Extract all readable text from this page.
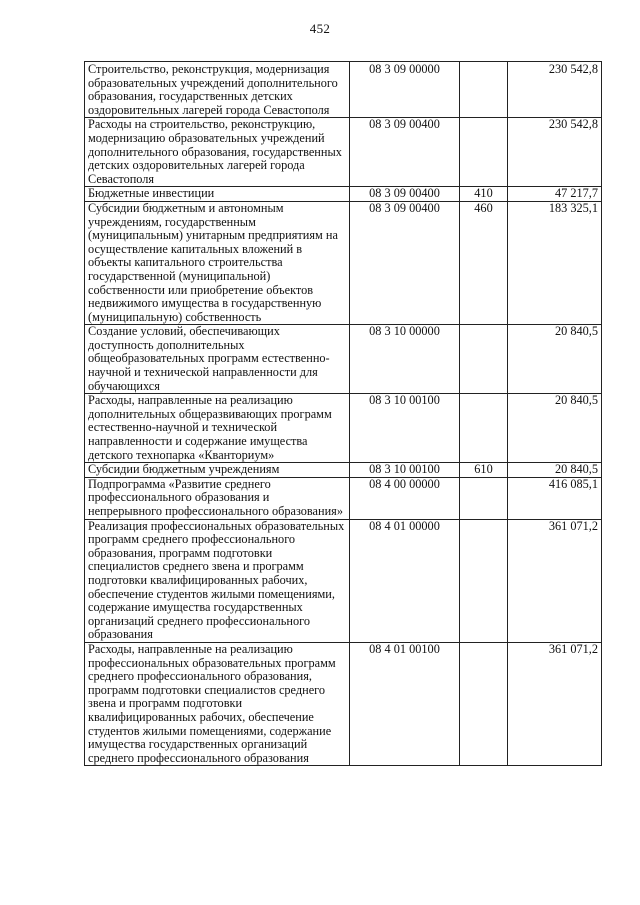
452
Строительство, реконструкция, модернизация образовательных учреждений дополнительного образования, государственных детских оздоровительных лагерей города Севастополя	08 3 09 00000		230 542,8
Расходы на строительство, реконструкцию, модернизацию образовательных учреждений дополнительного образования, государственных детских оздоровительных лагерей города Севастополя	08 3 09 00400		230 542,8
Бюджетные инвестиции	08 3 09 00400	410	47 217,7
Субсидии бюджетным и автономным учреждениям, государственным (муниципальным) унитарным предприятиям на осуществление капитальных вложений в объекты капитального строительства государственной (муниципальной) собственности или приобретение объектов недвижимого имущества в государственную (муниципальную) собственность	08 3 09 00400	460	183 325,1
Создание условий, обеспечивающих доступность дополнительных общеобразовательных программ естественно-научной и технической направленности для обучающихся	08 3 10 00000		20 840,5
Расходы, направленные на реализацию дополнительных общеразвивающих программ естественно-научной и технической направленности и содержание имущества детского технопарка «Кванториум»	08 3 10 00100		20 840,5
Субсидии бюджетным учреждениям	08 3 10 00100	610	20 840,5
Подпрограмма «Развитие среднего профессионального образования и непрерывного профессионального образования»	08 4 00 00000		416 085,1
Реализация профессиональных образовательных программ среднего профессионального образования, программ подготовки специалистов среднего звена и программ подготовки квалифицированных рабочих, обеспечение студентов жилыми помещениями, содержание имущества государственных организаций среднего профессионального образования	08 4 01 00000		361 071,2
Расходы, направленные на реализацию профессиональных образовательных программ среднего профессионального образования, программ подготовки специалистов среднего звена и программ подготовки квалифицированных рабочих, обеспечение студентов жилыми помещениями, содержание имущества государственных организаций среднего профессионального образования	08 4 01 00100		361 071,2
